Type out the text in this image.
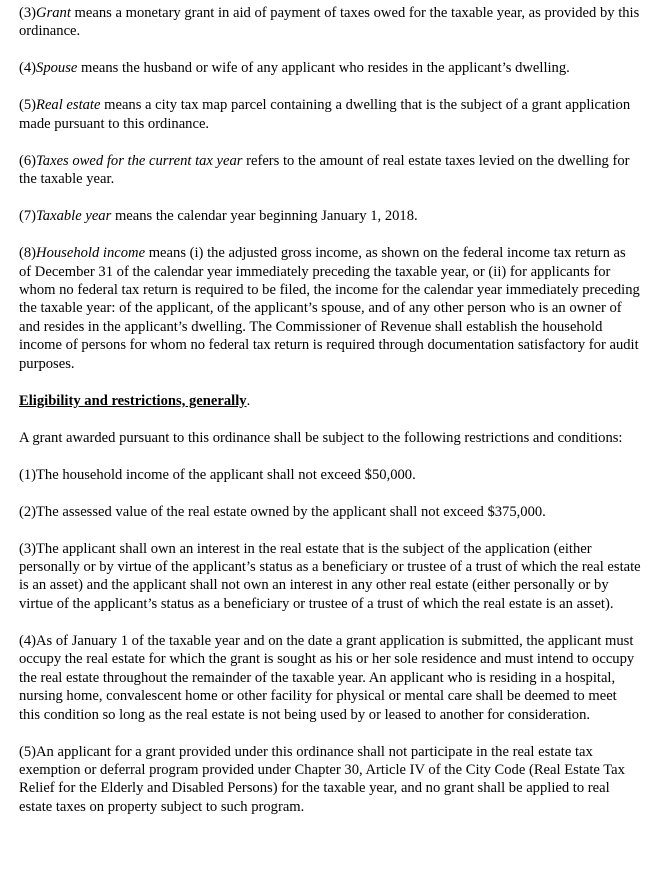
(3)Grant means a monetary grant in aid of payment of taxes owed for the taxable year, as provided by this ordinance.

(4)Spouse means the husband or wife of any applicant who resides in the applicant’s dwelling.

(5)Real estate means a city tax map parcel containing a dwelling that is the subject of a grant application made pursuant to this ordinance.

(6)Taxes owed for the current tax year refers to the amount of real estate taxes levied on the dwelling for the taxable year.

(7)Taxable year means the calendar year beginning January 1, 2018.

(8)Household income means (i) the adjusted gross income, as shown on the federal income tax return as of December 31 of the calendar year immediately preceding the taxable year, or (ii) for applicants for whom no federal tax return is required to be filed, the income for the calendar year immediately preceding the taxable year: of the applicant, of the applicant’s spouse, and of any other person who is an owner of and resides in the applicant’s dwelling. The Commissioner of Revenue shall establish the household income of persons for whom no federal tax return is required through documentation satisfactory for audit purposes.

Eligibility and restrictions, generally.

A grant awarded pursuant to this ordinance shall be subject to the following restrictions and conditions:

(1)The household income of the applicant shall not exceed $50,000.

(2)The assessed value of the real estate owned by the applicant shall not exceed $375,000.

(3)The applicant shall own an interest in the real estate that is the subject of the application (either personally or by virtue of the applicant’s status as a beneficiary or trustee of a trust of which the real estate is an asset) and the applicant shall not own an interest in any other real estate (either personally or by virtue of the applicant’s status as a beneficiary or trustee of a trust of which the real estate is an asset).

(4)As of January 1 of the taxable year and on the date a grant application is submitted, the applicant must occupy the real estate for which the grant is sought as his or her sole residence and must intend to occupy the real estate throughout the remainder of the taxable year. An applicant who is residing in a hospital, nursing home, convalescent home or other facility for physical or mental care shall be deemed to meet this condition so long as the real estate is not being used by or leased to another for consideration.

(5)An applicant for a grant provided under this ordinance shall not participate in the real estate tax exemption or deferral program provided under Chapter 30, Article IV of the City Code (Real Estate Tax Relief for the Elderly and Disabled Persons) for the taxable year, and no grant shall be applied to real estate taxes on property subject to such program.
